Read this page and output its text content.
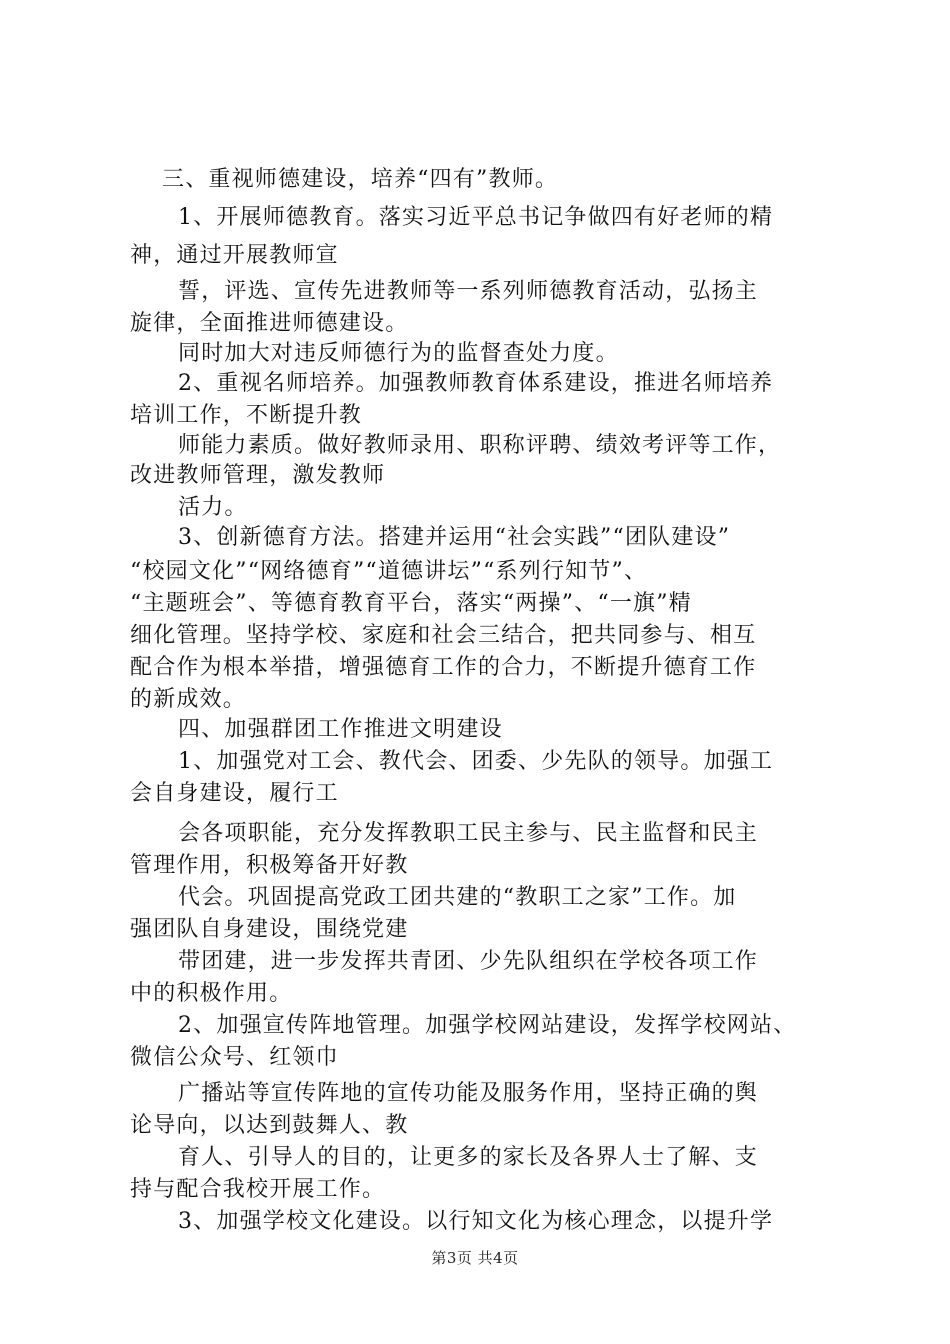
三、重视师德建设，培养“四有”教师。
1、开展师德教育。落实习近平总书记争做四有好老师的精
神，通过开展教师宣
誓，评选、宣传先进教师等一系列师德教育活动，弘扬主
旋律，全面推进师德建设。
同时加大对违反师德行为的监督查处力度。
2、重视名师培养。加强教师教育体系建设，推进名师培养
培训工作，不断提升教
师能力素质。做好教师录用、职称评聘、绩效考评等工作，
改进教师管理，激发教师
活力。
3、创新德育方法。搭建并运用“社会实践”“团队建设”
“校园文化”“网络德育”“道德讲坛”“系列行知节”、
“主题班会”、等德育教育平台，落实“两操”、“一旗”精
细化管理。坚持学校、家庭和社会三结合，把共同参与、相互
配合作为根本举措，增强德育工作的合力，不断提升德育工作
的新成效。
四、加强群团工作推进文明建设
1、加强党对工会、教代会、团委、少先队的领导。加强工
会自身建设，履行工
会各项职能，充分发挥教职工民主参与、民主监督和民主
管理作用，积极筹备开好教
代会。巩固提高党政工团共建的“教职工之家”工作。加
强团队自身建设，围绕党建
带团建，进一步发挥共青团、少先队组织在学校各项工作
中的积极作用。
2、加强宣传阵地管理。加强学校网站建设，发挥学校网站、
微信公众号、红领巾
广播站等宣传阵地的宣传功能及服务作用，坚持正确的舆
论导向，以达到鼓舞人、教
育人、引导人的目的，让更多的家长及各界人士了解、支
持与配合我校开展工作。
3、加强学校文化建设。以行知文化为核心理念，以提升学
第3页 共4页
